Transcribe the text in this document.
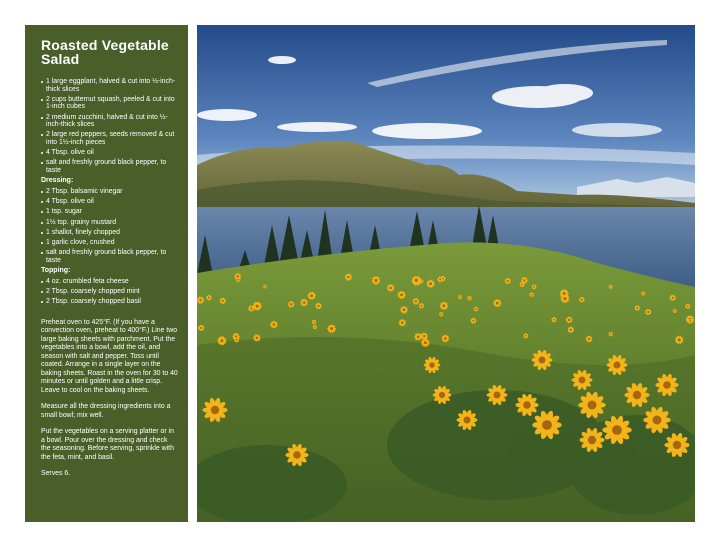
Roasted Vegetable Salad
1 large eggplant, halved & cut into ½-inch-thick slices
2 cups butternut squash, peeled & cut into 1-inch cubes
2 medium zucchini, halved & cut into ½-inch-thick slices
2 large red peppers, seeds removed & cut into 1½-inch pieces
4 Tbsp. olive oil
salt and freshly ground black pepper, to taste
Dressing:
2 Tbsp. balsamic vinegar
4 Tbsp. olive oil
1 tsp. sugar
1½ tsp. grainy mustard
1 shallot, finely chopped
1 garlic clove, crushed
salt and freshly ground black pepper, to taste
Topping:
4 oz. crumbled feta cheese
2 Tbsp. coarsely chopped mint
2 Tbsp. coarsely chopped basil

Preheat oven to 425°F. (If you have a convection oven, preheat to 400°F.) Line two large baking sheets with parchment. Put the vegetables into a bowl, add the oil, and season with salt and pepper. Toss until coated. Arrange in a single layer on the baking sheets. Roast in the oven for 30 to 40 minutes or until golden and a little crisp. Leave to cool on the baking sheets.

Measure all the dressing ingredients into a small bowl; mix well.

Put the vegetables on a serving platter or in a bowl. Pour over the dressing and check the seasoning. Before serving, sprinkle with the feta, mint, and basil.

Serves 6.
